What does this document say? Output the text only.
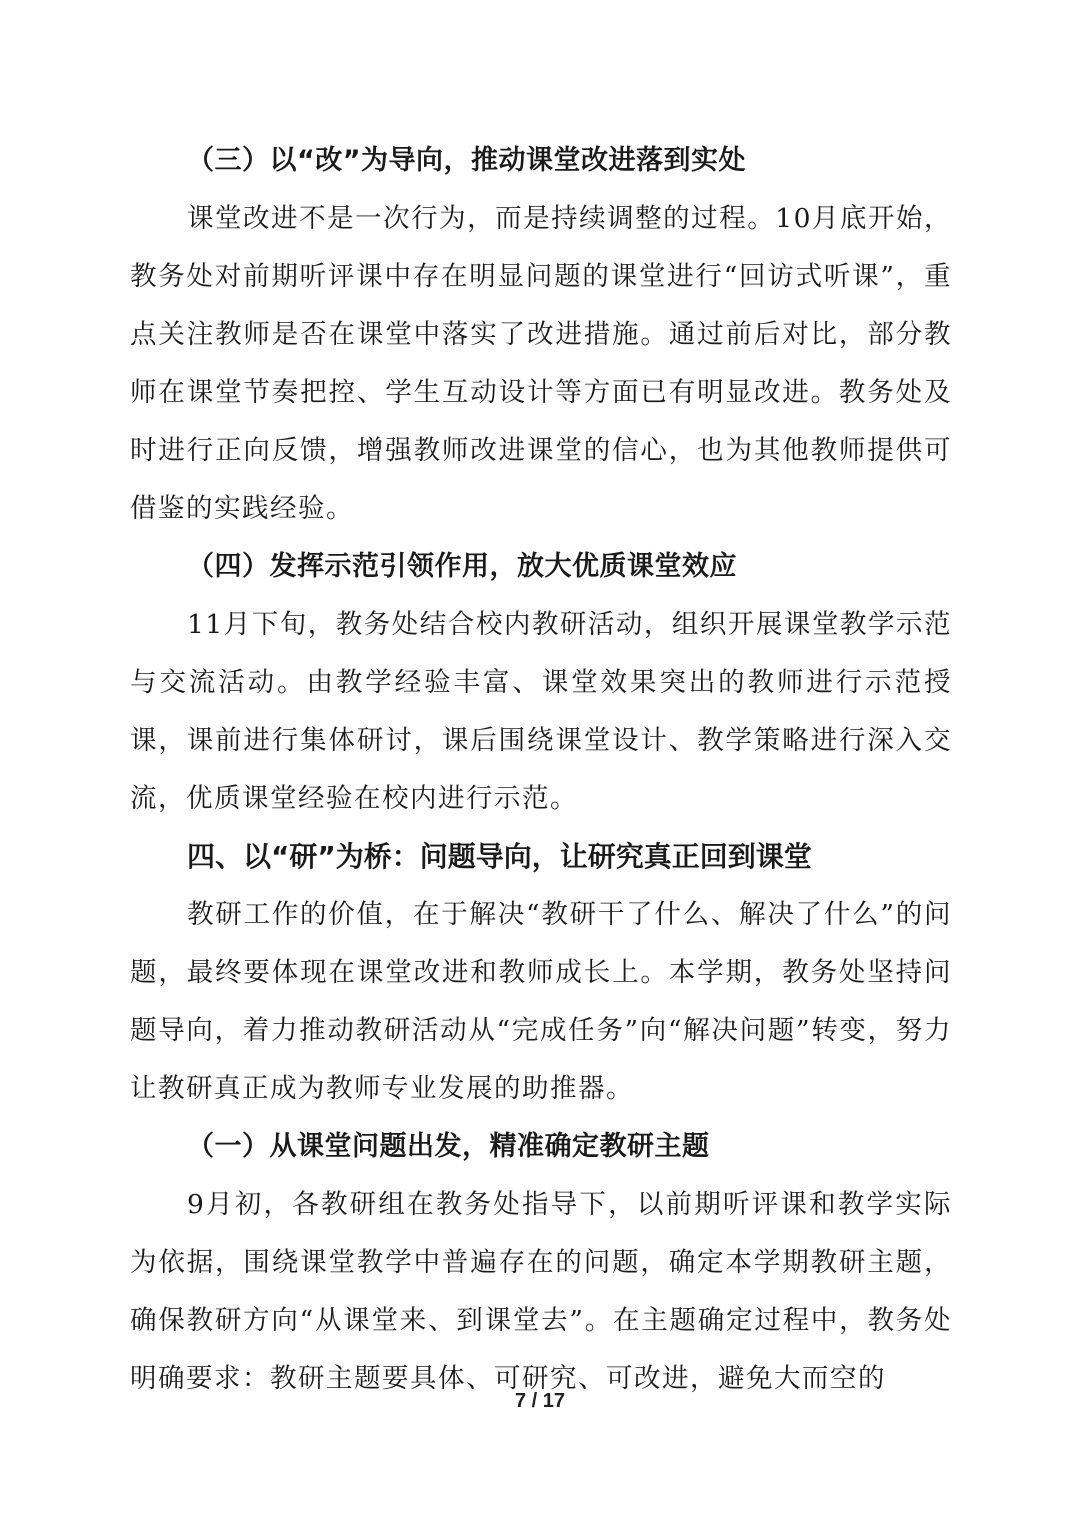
（三）以“改”为导向，推动课堂改进落到实处

课堂改进不是一次行为，而是持续调整的过程。10月底开始，教务处对前期听评课中存在明显问题的课堂进行“回访式听课”，重点关注教师是否在课堂中落实了改进措施。通过前后对比，部分教师在课堂节奏把控、学生互动设计等方面已有明显改进。教务处及时进行正向反馈，增强教师改进课堂的信心，也为其他教师提供可借鉴的实践经验。

（四）发挥示范引领作用，放大优质课堂效应

11月下旬，教务处结合校内教研活动，组织开展课堂教学示范与交流活动。由教学经验丰富、课堂效果突出的教师进行示范授课，课前进行集体研讨，课后围绕课堂设计、教学策略进行深入交流，优质课堂经验在校内进行示范。

四、以“研”为桥：问题导向，让研究真正回到课堂

教研工作的价值，在于解决“教研干了什么、解决了什么”的问题，最终要体现在课堂改进和教师成长上。本学期，教务处坚持问题导向，着力推动教研活动从“完成任务”向“解决问题”转变，努力让教研真正成为教师专业发展的助推器。

（一）从课堂问题出发，精准确定教研主题

9月初，各教研组在教务处指导下，以前期听评课和教学实际为依据，围绕课堂教学中普遍存在的问题，确定本学期教研主题，确保教研方向“从课堂来、到课堂去”。在主题确定过程中，教务处明确要求：教研主题要具体、可研究、可改进，避免大而空的

7 / 17
